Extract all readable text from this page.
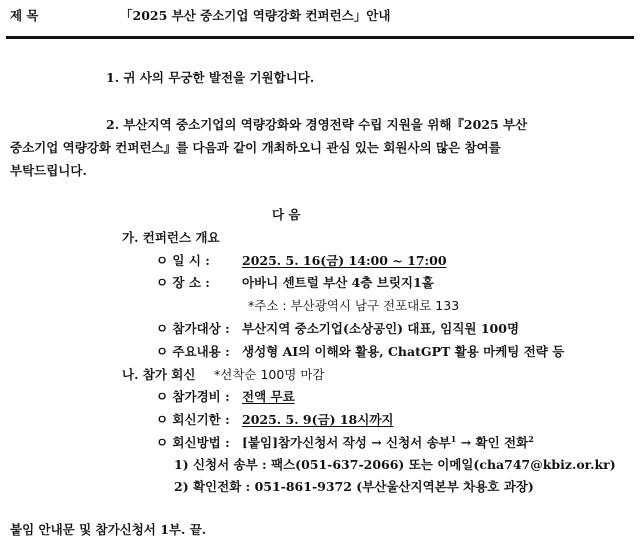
제 목	「2025 부산 중소기업 역량강화 컨퍼런스」안내
1. 귀 사의 무궁한 발전을 기원합니다.
2. 부산지역 중소기업의 역량강화와 경영전략 수립 지원을 위해『2025 부산
중소기업 역량강화 컨퍼런스』를 다음과 같이 개최하오니 관심 있는 회원사의 많은 참여를
부탁드립니다.
다 음
가. 컨퍼런스 개요
ㅇ 일 시 :	2025. 5. 16(금) 14:00 ~ 17:00
ㅇ 장 소 :	아바니 센트럴 부산 4층 브릿지1홀
*주소 : 부산광역시 남구 전포대로 133
ㅇ 참가대상 : 부산지역 중소기업(소상공인) 대표, 임직원 100명
ㅇ 주요내용 : 생성형 AI의 이해와 활용, ChatGPT 활용 마케팅 전략 등
나. 참가 회신 *선착순 100명 마감
ㅇ 참가경비 : 전액 무료
ㅇ 회신기한 : 2025. 5. 9(금) 18시까지
ㅇ 회신방법 : [붙임]참가신청서 작성 → 신청서 송부$^1$ → 확인 전화$^2$
1) 신청서 송부 : 팩스(051-637-2066) 또는 이메일(cha747@kbiz.or.kr)
2) 확인전화 : 051-861-9372 (부산울산지역본부 차용호 과장)
붙임 안내문 및 참가신청서 1부. 끝.
